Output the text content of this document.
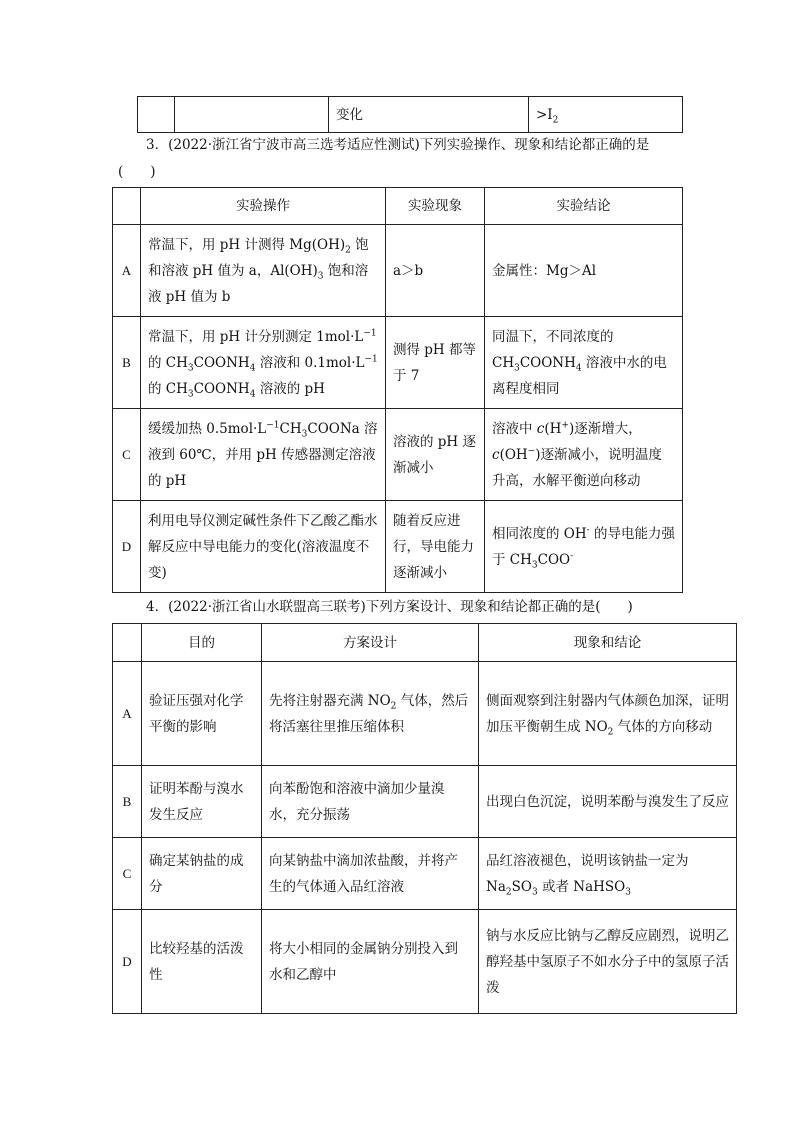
		变化	$>I_2$
3．(2022·浙江省宁波市高三选考适应性测试)下列实验操作、现象和结论都正确的是
(　　)
	实验操作	实验现象	实验结论
A	常温下，用 pH 计测得 $Mg(OH)_2$ 饱和溶液 pH 值为 a，$Al(OH)_3$ 饱和溶液 pH 值为 b	a＞b	金属性：Mg＞Al
B	常温下，用 pH 计分别测定 $1mol\cdot L^{-1}$ 的 $CH_3COONH_4$ 溶液和 $0.1mol\cdot L^{-1}$ 的 $CH_3COONH_4$ 溶液的 pH	测得 pH 都等于 7	同温下，不同浓度的 $CH_3COONH_4$ 溶液中水的电离程度相同
C	缓缓加热 $0.5mol\cdot L^{-1}CH_3COONa$ 溶液到 60℃，并用 pH 传感器测定溶液的 pH	溶液的 pH 逐渐减小	溶液中 c(H+)逐渐增大，c(OH−)逐渐减小，说明温度升高，水解平衡逆向移动
D	利用电导仪测定碱性条件下乙酸乙酯水解反应中导电能力的变化(溶液温度不变)	随着反应进行，导电能力逐渐减小	相同浓度的 OH- 的导电能力强于 $CH_3COO^-$
4．(2022·浙江省山水联盟高三联考)下列方案设计、现象和结论都正确的是(　　)
	目的	方案设计	现象和结论
A	验证压强对化学平衡的影响	先将注射器充满 $NO_2$ 气体，然后将活塞往里推压缩体积	侧面观察到注射器内气体颜色加深，证明加压平衡朝生成 $NO_2$ 气体的方向移动
B	证明苯酚与溴水发生反应	向苯酚饱和溶液中滴加少量溴水，充分振荡	出现白色沉淀，说明苯酚与溴发生了反应
C	确定某钠盐的成分	向某钠盐中滴加浓盐酸，并将产生的气体通入品红溶液	品红溶液褪色，说明该钠盐一定为 $Na_2SO_3$ 或者 NaHSO$_3$
D	比较羟基的活泼性	将大小相同的金属钠分别投入到水和乙醇中	钠与水反应比钠与乙醇反应剧烈，说明乙醇羟基中氢原子不如水分子中的氢原子活泼
